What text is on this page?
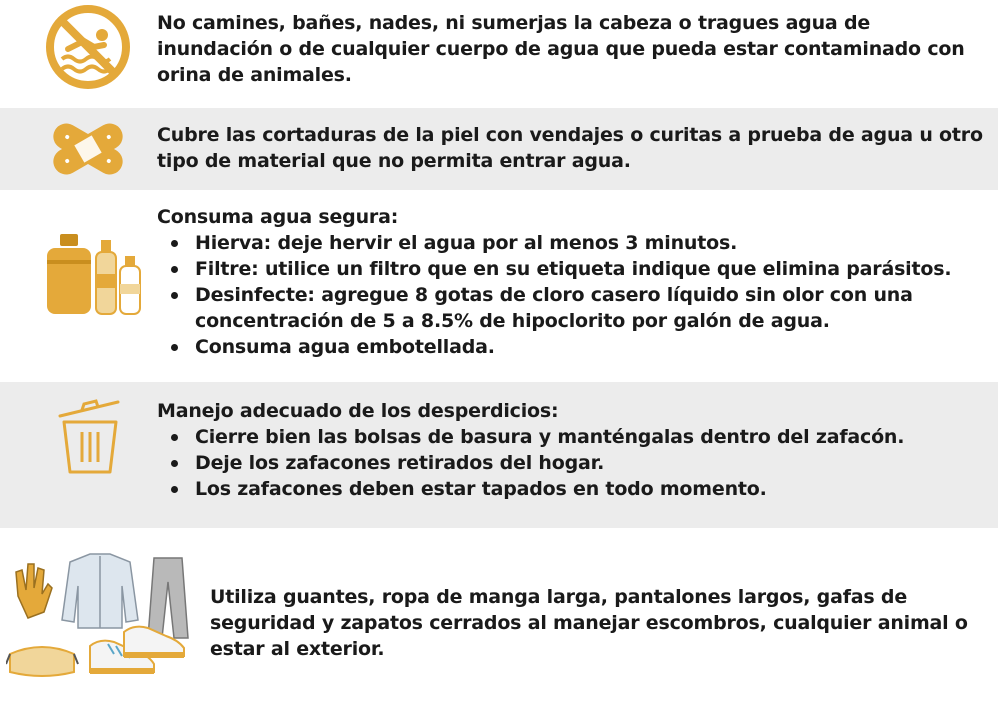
No camines, bañes, nades, ni sumerjas la cabeza o tragues agua de inundación o de cualquier cuerpo de agua que pueda estar contaminado con orina de animales.

Cubre las cortaduras de la piel con vendajes o curitas a prueba de agua u otro tipo de material que no permita entrar agua.

Consuma agua segura:
Hierva: deje hervir el agua por al menos 3 minutos.
Filtre: utilice un filtro que en su etiqueta indique que elimina parásitos.
Desinfecte: agregue 8 gotas de cloro casero líquido sin olor con una concentración de 5 a 8.5% de hipoclorito por galón de agua.
Consuma agua embotellada.
Manejo adecuado de los desperdicios:
Cierre bien las bolsas de basura y manténgalas dentro del zafacón.
Deje los zafacones retirados del hogar.
Los zafacones deben estar tapados en todo momento.

Utiliza guantes, ropa de manga larga, pantalones largos, gafas de seguridad y zapatos cerrados al manejar escombros, cualquier animal o estar al exterior.
